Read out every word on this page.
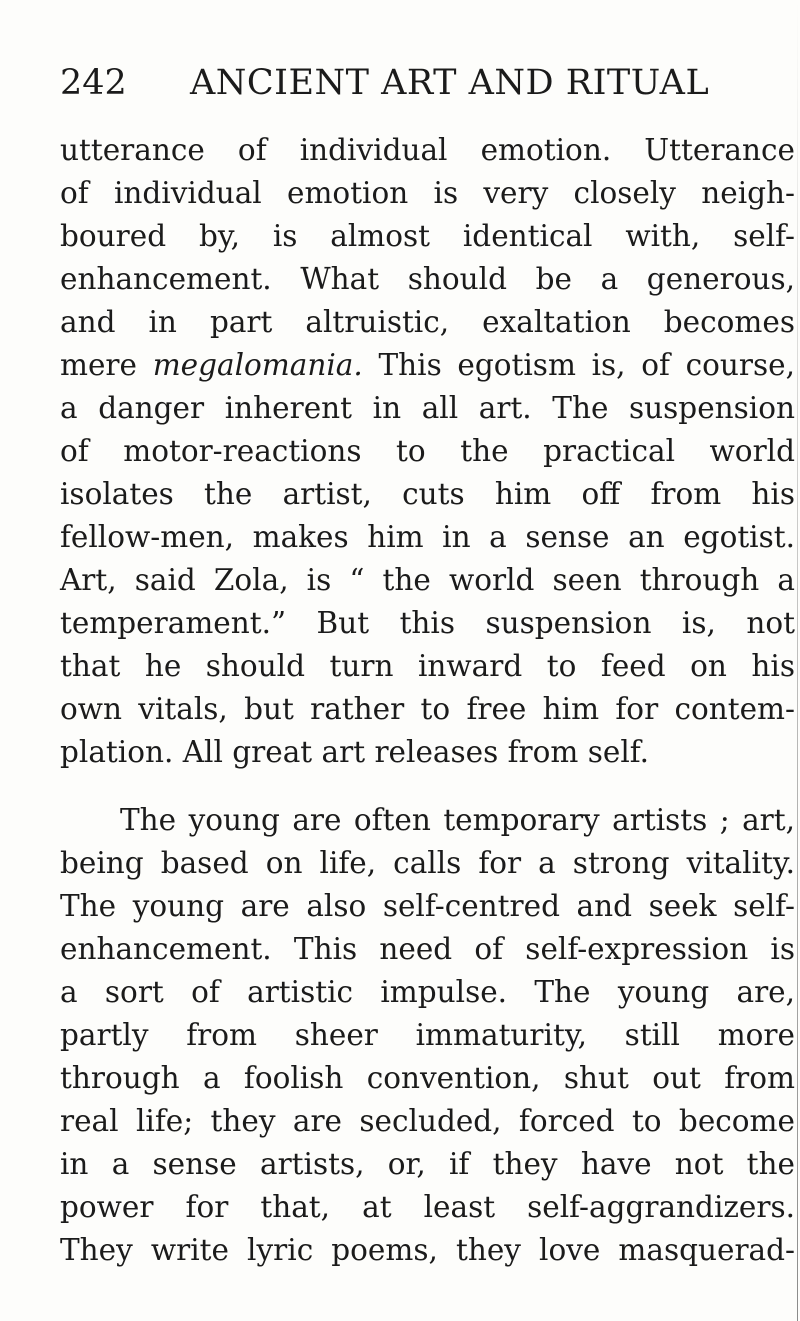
242 ANCIENT ART AND RITUAL
utterance of individual emotion. Utterance
of individual emotion is very closely neigh-
boured by, is almost identical with, self-
enhancement. What should be a generous,
and in part altruistic, exaltation becomes
mere megalomania. This egotism is, of course,
a danger inherent in all art. The suspension
of motor-reactions to the practical world
isolates the artist, cuts him off from his
fellow-men, makes him in a sense an egotist.
Art, said Zola, is “ the world seen through a
temperament.” But this suspension is, not
that he should turn inward to feed on his
own vitals, but rather to free him for contem-
plation. All great art releases from self.
The young are often temporary artists ; art,
being based on life, calls for a strong vitality.
The young are also self-centred and seek self-
enhancement. This need of self-expression is
a sort of artistic impulse. The young are,
partly from sheer immaturity, still more
through a foolish convention, shut out from
real life; they are secluded, forced to become
in a sense artists, or, if they have not the
power for that, at least self-aggrandizers.
They write lyric poems, they love masquerad-
